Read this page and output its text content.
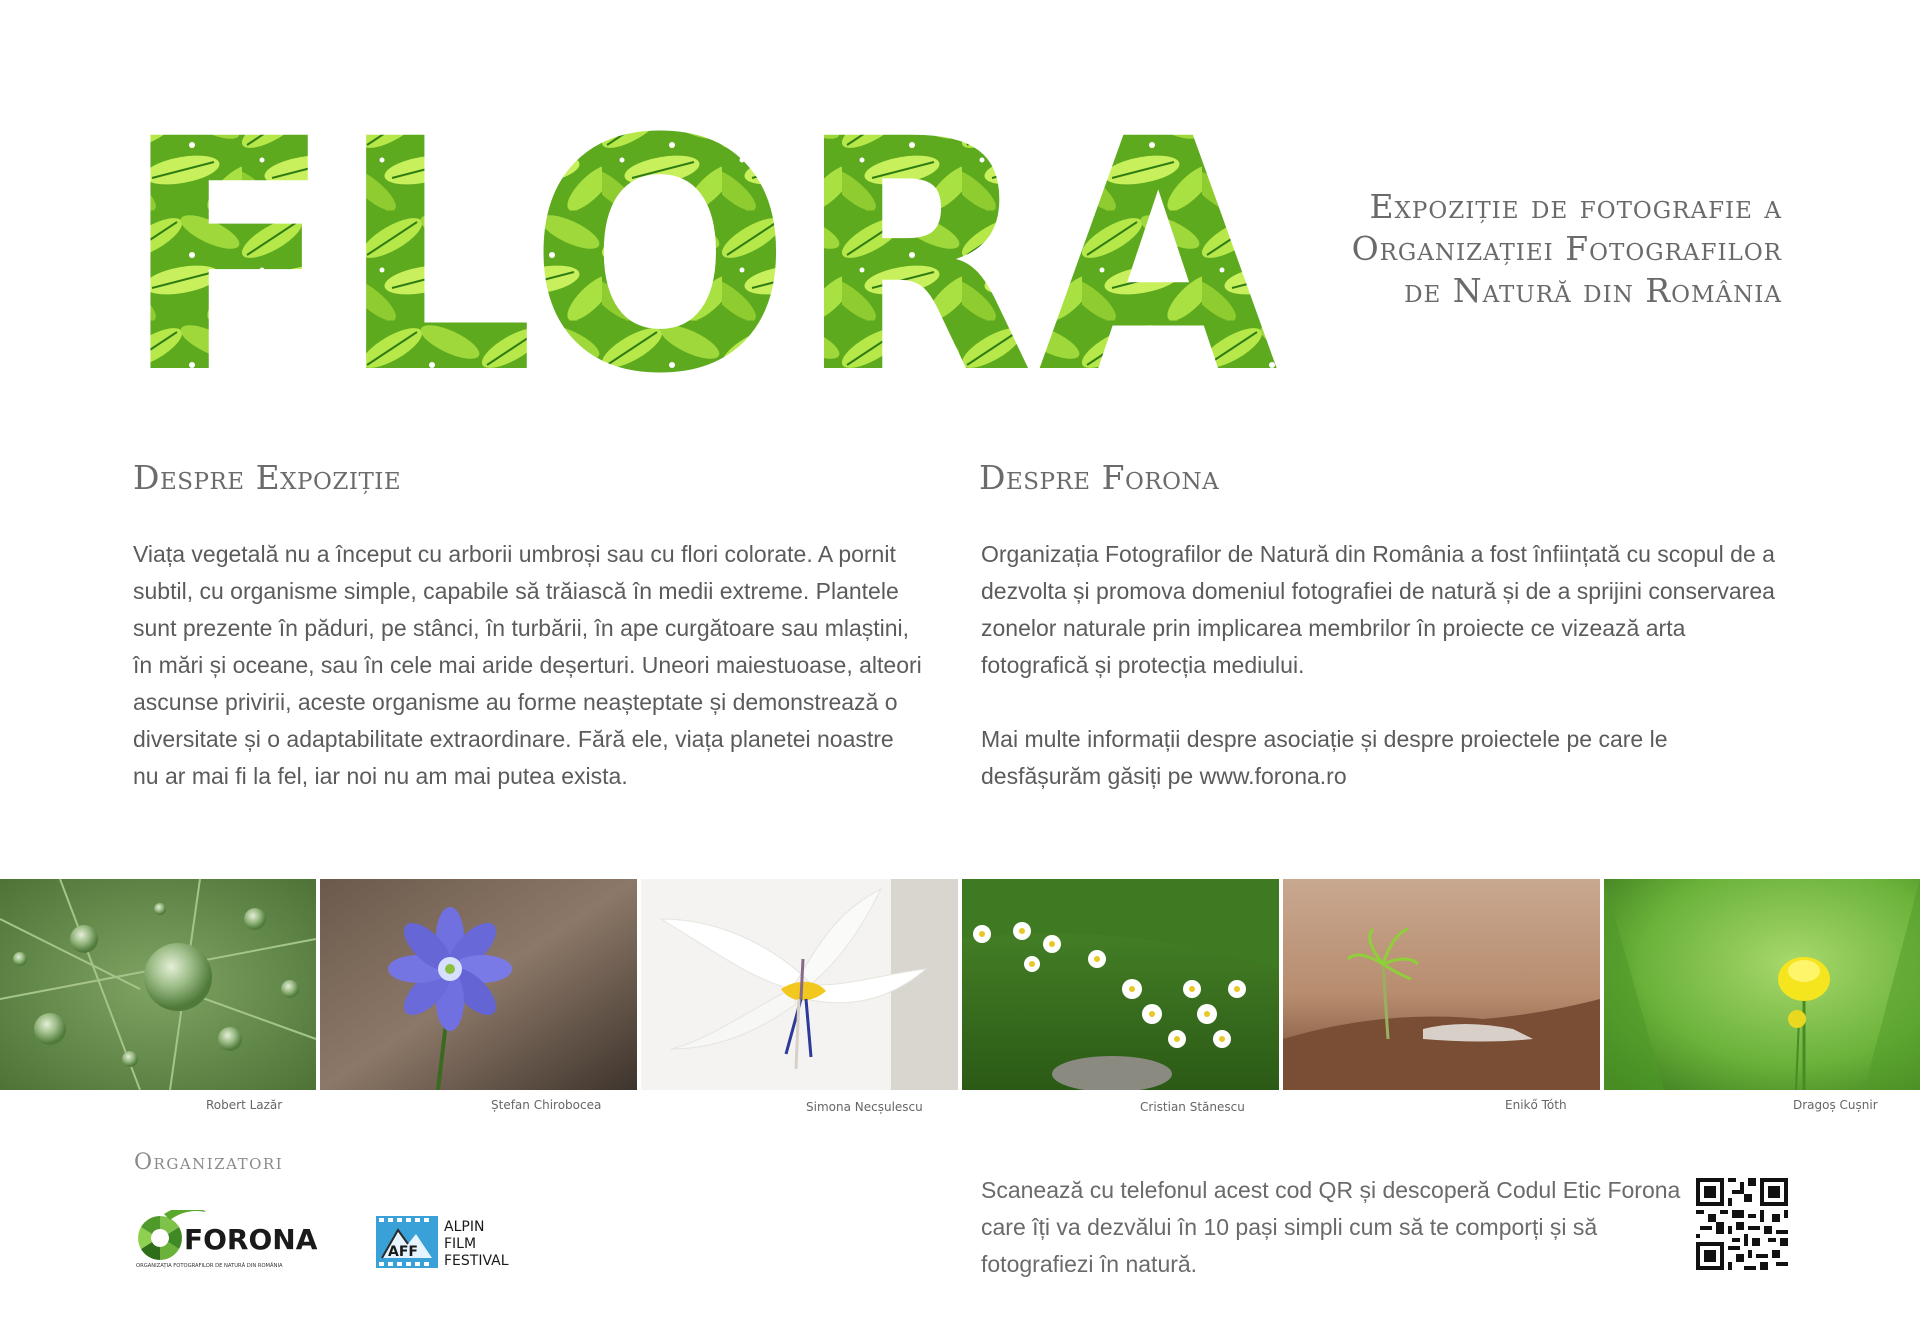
FLORA	Expoziție de fotografie a
Organizației Fotografilor
de Natură din România
Despre Expoziție
Viața vegetală nu a început cu arborii umbroși sau cu flori colorate. A pornit
subtil, cu organisme simple, capabile să trăiască în medii extreme. Plantele
sunt prezente în păduri, pe stânci, în turbării, în ape curgătoare sau mlaștini,
în mări și oceane, sau în cele mai aride deșerturi. Uneori maiestuoase, alteori
ascunse privirii, aceste organisme au forme neașteptate și demonstrează o
diversitate și o adaptabilitate extraordinare. Fără ele, viața planetei noastre
nu ar mai fi la fel, iar noi nu am mai putea exista.
Despre Forona
Organizația Fotografilor de Natură din România a fost înființată cu scopul de a
dezvolta și promova domeniul fotografiei de natură și de a sprijini conservarea
zonelor naturale prin implicarea membrilor în proiecte ce vizează arta
fotografică și protecția mediului.
Mai multe informații despre asociație și despre proiectele pe care le
desfășurăm găsiți pe www.forona.ro
Robert Lazăr	Ștefan Chirobocea	Simona Necșulescu	Cristian Stănescu	Enikő Tóth	Dragoș Cușnir
Organizatori
FORONA
ORGANIZAȚIA FOTOGRAFILOR DE NATURĂ DIN ROMÂNIA
AFF
ALPIN
FILM
FESTIVAL
Scanează cu telefonul acest cod QR și descoperă Codul Etic Forona
care îți va dezvălui în 10 pași simpli cum să te comporți și să
fotografiezi în natură.
